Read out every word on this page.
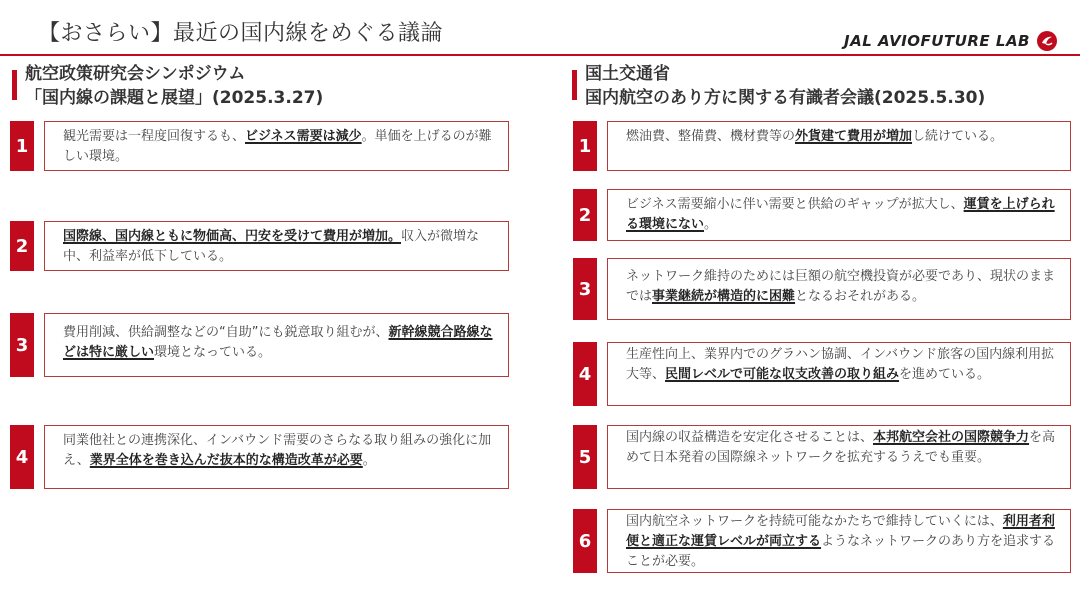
【おさらい】最近の国内線をめぐる議論	JAL AVIOFUTURE LAB
航空政策研究会シンポジウム
「国内線の課題と展望」(2025.3.27)
1	観光需要は一程度回復するも、ビジネス需要は減少。単価を上げるのが難しい環境。
2	国際線、国内線ともに物価高、円安を受けて費用が増加。収入が微増な中、利益率が低下している。
3
費用削減、供給調整などの“自助”にも鋭意取り組むが、新幹線競合路線などは特に厳しい環境となっている。
4
同業他社との連携深化、インバウンド需要のさらなる取り組みの強化に加え、業界全体を巻き込んだ抜本的な構造改革が必要。
国土交通省
国内航空のあり方に関する有識者会議(2025.5.30)
1	燃油費、整備費、機材費等の外貨建て費用が増加し続けている。
2	ビジネス需要縮小に伴い需要と供給のギャップが拡大し、運賃を上げられる環境にない。
3
ネットワーク維持のためには巨額の航空機投資が必要であり、現状のままでは事業継続が構造的に困難となるおそれがある。
4
生産性向上、業界内でのグラハン協調、インバウンド旅客の国内線利用拡大等、民間レベルで可能な収支改善の取り組みを進めている。
5
国内線の収益構造を安定化させることは、本邦航空会社の国際競争力を高めて日本発着の国際線ネットワークを拡充するうえでも重要。
6
国内航空ネットワークを持続可能なかたちで維持していくには、利用者利便と適正な運賃レベルが両立するようなネットワークのあり方を追求することが必要。
